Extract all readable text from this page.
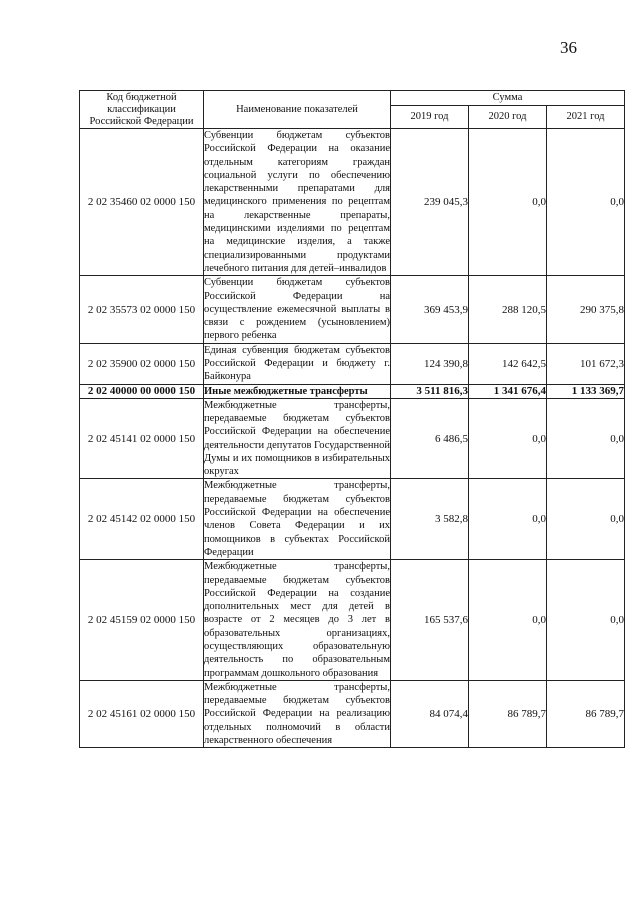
36
Код бюджетной классификации Российской Федерации	Наименование показателей	Сумма		
		2019 год	2020 год	2021 год
2 02 35460 02 0000 150	Субвенции бюджетам субъектов Российской Федерации на оказание отдельным категориям граждан социальной услуги по обеспечению лекарственными препаратами для медицинского применения по рецептам на лекарственные препараты, медицинскими изделиями по рецептам на медицинские изделия, а также специализированными продуктами лечебного питания для детей–инвалидов	239 045,3	0,0	0,0
2 02 35573 02 0000 150	Субвенции бюджетам субъектов Российской Федерации на осуществление ежемесячной выплаты в связи с рождением (усыновлением) первого ребенка	369 453,9	288 120,5	290 375,8
2 02 35900 02 0000 150	Единая субвенция бюджетам субъектов Российской Федерации и бюджету г. Байконура	124 390,8	142 642,5	101 672,3
2 02 40000 00 0000 150	Иные межбюджетные трансферты	3 511 816,3	1 341 676,4	1 133 369,7
2 02 45141 02 0000 150	Межбюджетные трансферты, передаваемые бюджетам субъектов Российской Федерации на обеспечение деятельности депутатов Государственной Думы и их помощников в избирательных округах	6 486,5	0,0	0,0
2 02 45142 02 0000 150	Межбюджетные трансферты, передаваемые бюджетам субъектов Российской Федерации на обеспечение членов Совета Федерации и их помощников в субъектах Российской Федерации	3 582,8	0,0	0,0
2 02 45159 02 0000 150	Межбюджетные трансферты, передаваемые бюджетам субъектов Российской Федерации на создание дополнительных мест для детей в возрасте от 2 месяцев до 3 лет в образовательных организациях, осуществляющих образовательную деятельность по образовательным программам дошкольного образования	165 537,6	0,0	0,0
2 02 45161 02 0000 150	Межбюджетные трансферты, передаваемые бюджетам субъектов Российской Федерации на реализацию отдельных полномочий в области лекарственного обеспечения	84 074,4	86 789,7	86 789,7
